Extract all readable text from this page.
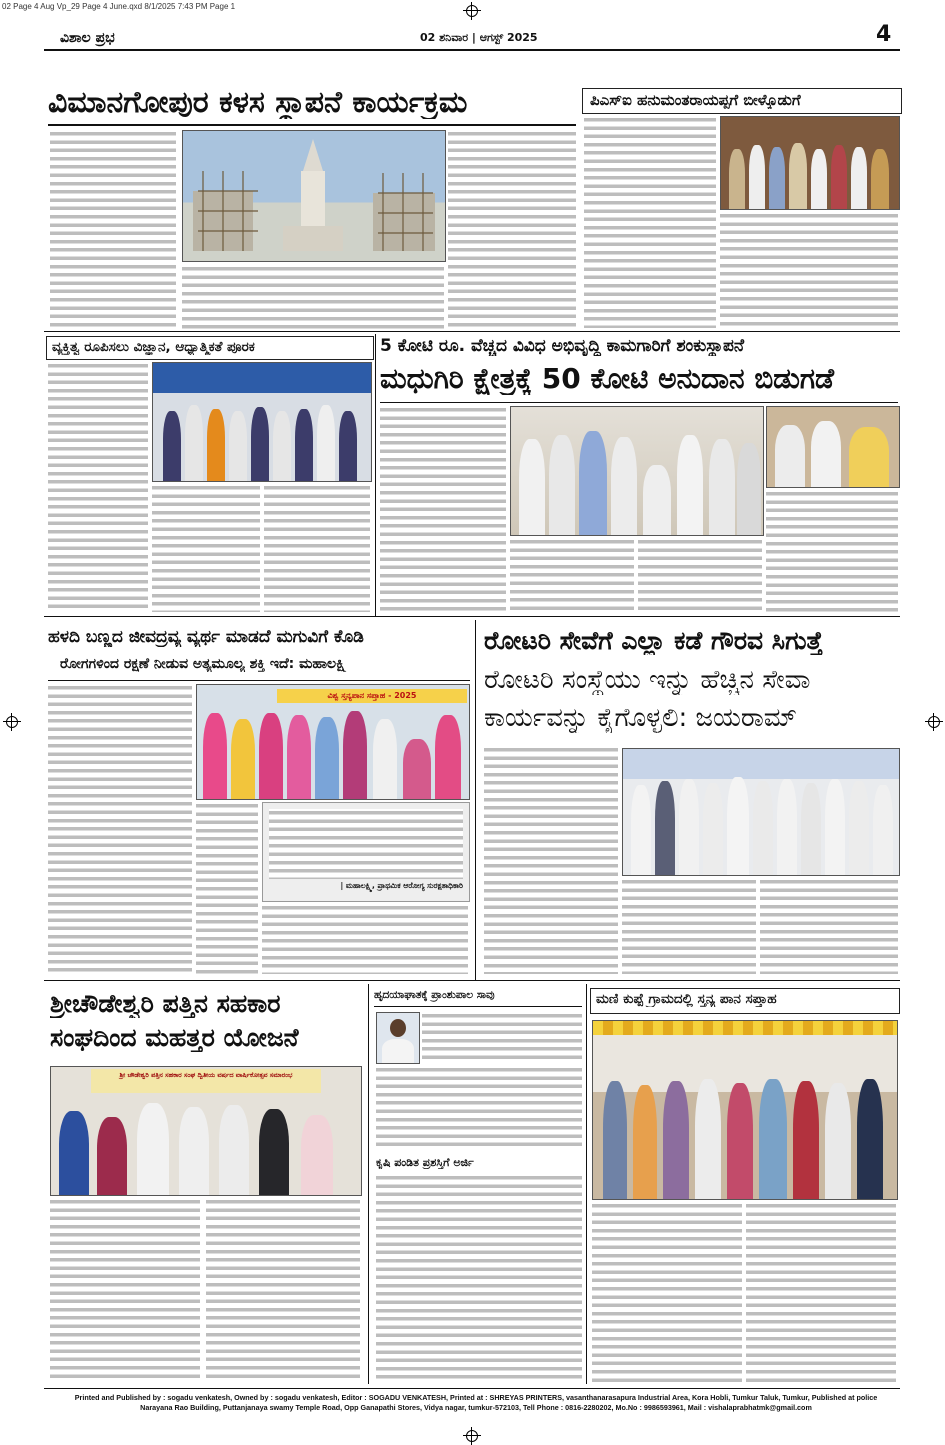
02 Page 4 Aug Vp_29 Page 4 June.qxd 8/1/2025 7:43 PM Page 1
ವಿಶಾಲ ಪ್ರಭ	02 ಶನಿವಾರ | ಆಗಸ್ಟ್ 2025	4
ವಿಮಾನಗೋಪುರ ಕಳಸ ಸ್ಥಾಪನೆ ಕಾರ್ಯಕ್ರಮ	ಪಿಎಸ್‌ಐ ಹನುಮಂತರಾಯಪ್ಪಗೆ ಬೀಳ್ಕೊಡುಗೆ
ವ್ಯಕ್ತಿತ್ವ ರೂಪಿಸಲು ವಿಜ್ಞಾನ, ಆಧ್ಯಾತ್ಮಿಕತೆ ಪೂರಕ	5 ಕೋಟಿ ರೂ. ವೆಚ್ಚದ ವಿವಿಧ ಅಭಿವೃದ್ಧಿ ಕಾಮಗಾರಿಗೆ ಶಂಕುಸ್ಥಾಪನೆ
ಮಧುಗಿರಿ ಕ್ಷೇತ್ರಕ್ಕೆ 50 ಕೋಟಿ ಅನುದಾನ ಬಿಡುಗಡೆ
ಹಳದಿ ಬಣ್ಣದ ಜೀವದ್ರವ್ಯ ವ್ಯರ್ಥ ಮಾಡದೆ ಮಗುವಿಗೆ ಕೊಡಿ
ರೋಗಗಳಿಂದ ರಕ್ಷಣೆ ನೀಡುವ ಅತ್ಯಮೂಲ್ಯ ಶಕ್ತಿ ಇದೆ: ಮಹಾಲಕ್ಷ್ಮಿ
ವಿಶ್ವ ಸ್ತನ್ಯಪಾನ ಸಪ್ತಾಹ - 2025
| ಮಹಾಲಕ್ಷ್ಮಿ, ಪ್ರಾಥಮಿಕ ಆರೋಗ್ಯ ಸುರಕ್ಷತಾಧಿಕಾರಿ
ರೋಟರಿ ಸೇವೆಗೆ ಎಲ್ಲಾ ಕಡೆ ಗೌರವ ಸಿಗುತ್ತೆ
ರೋಟರಿ ಸಂಸ್ಥೆಯು ಇನ್ನು ಹೆಚ್ಚಿನ ಸೇವಾ
ಕಾರ್ಯವನ್ನು ಕೈಗೊಳ್ಳಲಿ: ಜಯರಾಮ್
ಶ್ರೀಚೌಡೇಶ್ವರಿ ಪತ್ತಿನ ಸಹಕಾರ
ಸಂಘದಿಂದ ಮಹತ್ತರ ಯೋಜನೆ
ಶ್ರೀ ಚೌಡೇಶ್ವರಿ ಪತ್ತಿನ ಸಹಕಾರ ಸಂಘ ದ್ವಿತೀಯ ವರ್ಷದ ವಾರ್ಷಿಕೋತ್ಸವ ಸಮಾರಂಭ
ಹೃದಯಾಘಾತಕ್ಕೆ ಪ್ರಾಂಶುಪಾಲ ಸಾವು
ಕೃಷಿ ಪಂಡಿತ ಪ್ರಶಸ್ತಿಗೆ ಅರ್ಜಿ
ಮಣಿ ಕುಪ್ಪೆ ಗ್ರಾಮದಲ್ಲಿ ಸ್ತನ್ಯ ಪಾನ ಸಪ್ತಾಹ
Printed and Published by : sogadu venkatesh, Owned by : sogadu venkatesh, Editor : SOGADU VENKATESH, Printed at : SHREYAS PRINTERS, vasanthanarasapura Industrial Area, Kora Hobli, Tumkur Taluk, Tumkur, Published at police
Narayana Rao Building, Puttanjanaya swamy Temple Road, Opp Ganapathi Stores, Vidya nagar, tumkur-572103, Tell Phone : 0816-2280202, Mo.No : 9986593961, Mail : vishalaprabhatmk@gmail.com
